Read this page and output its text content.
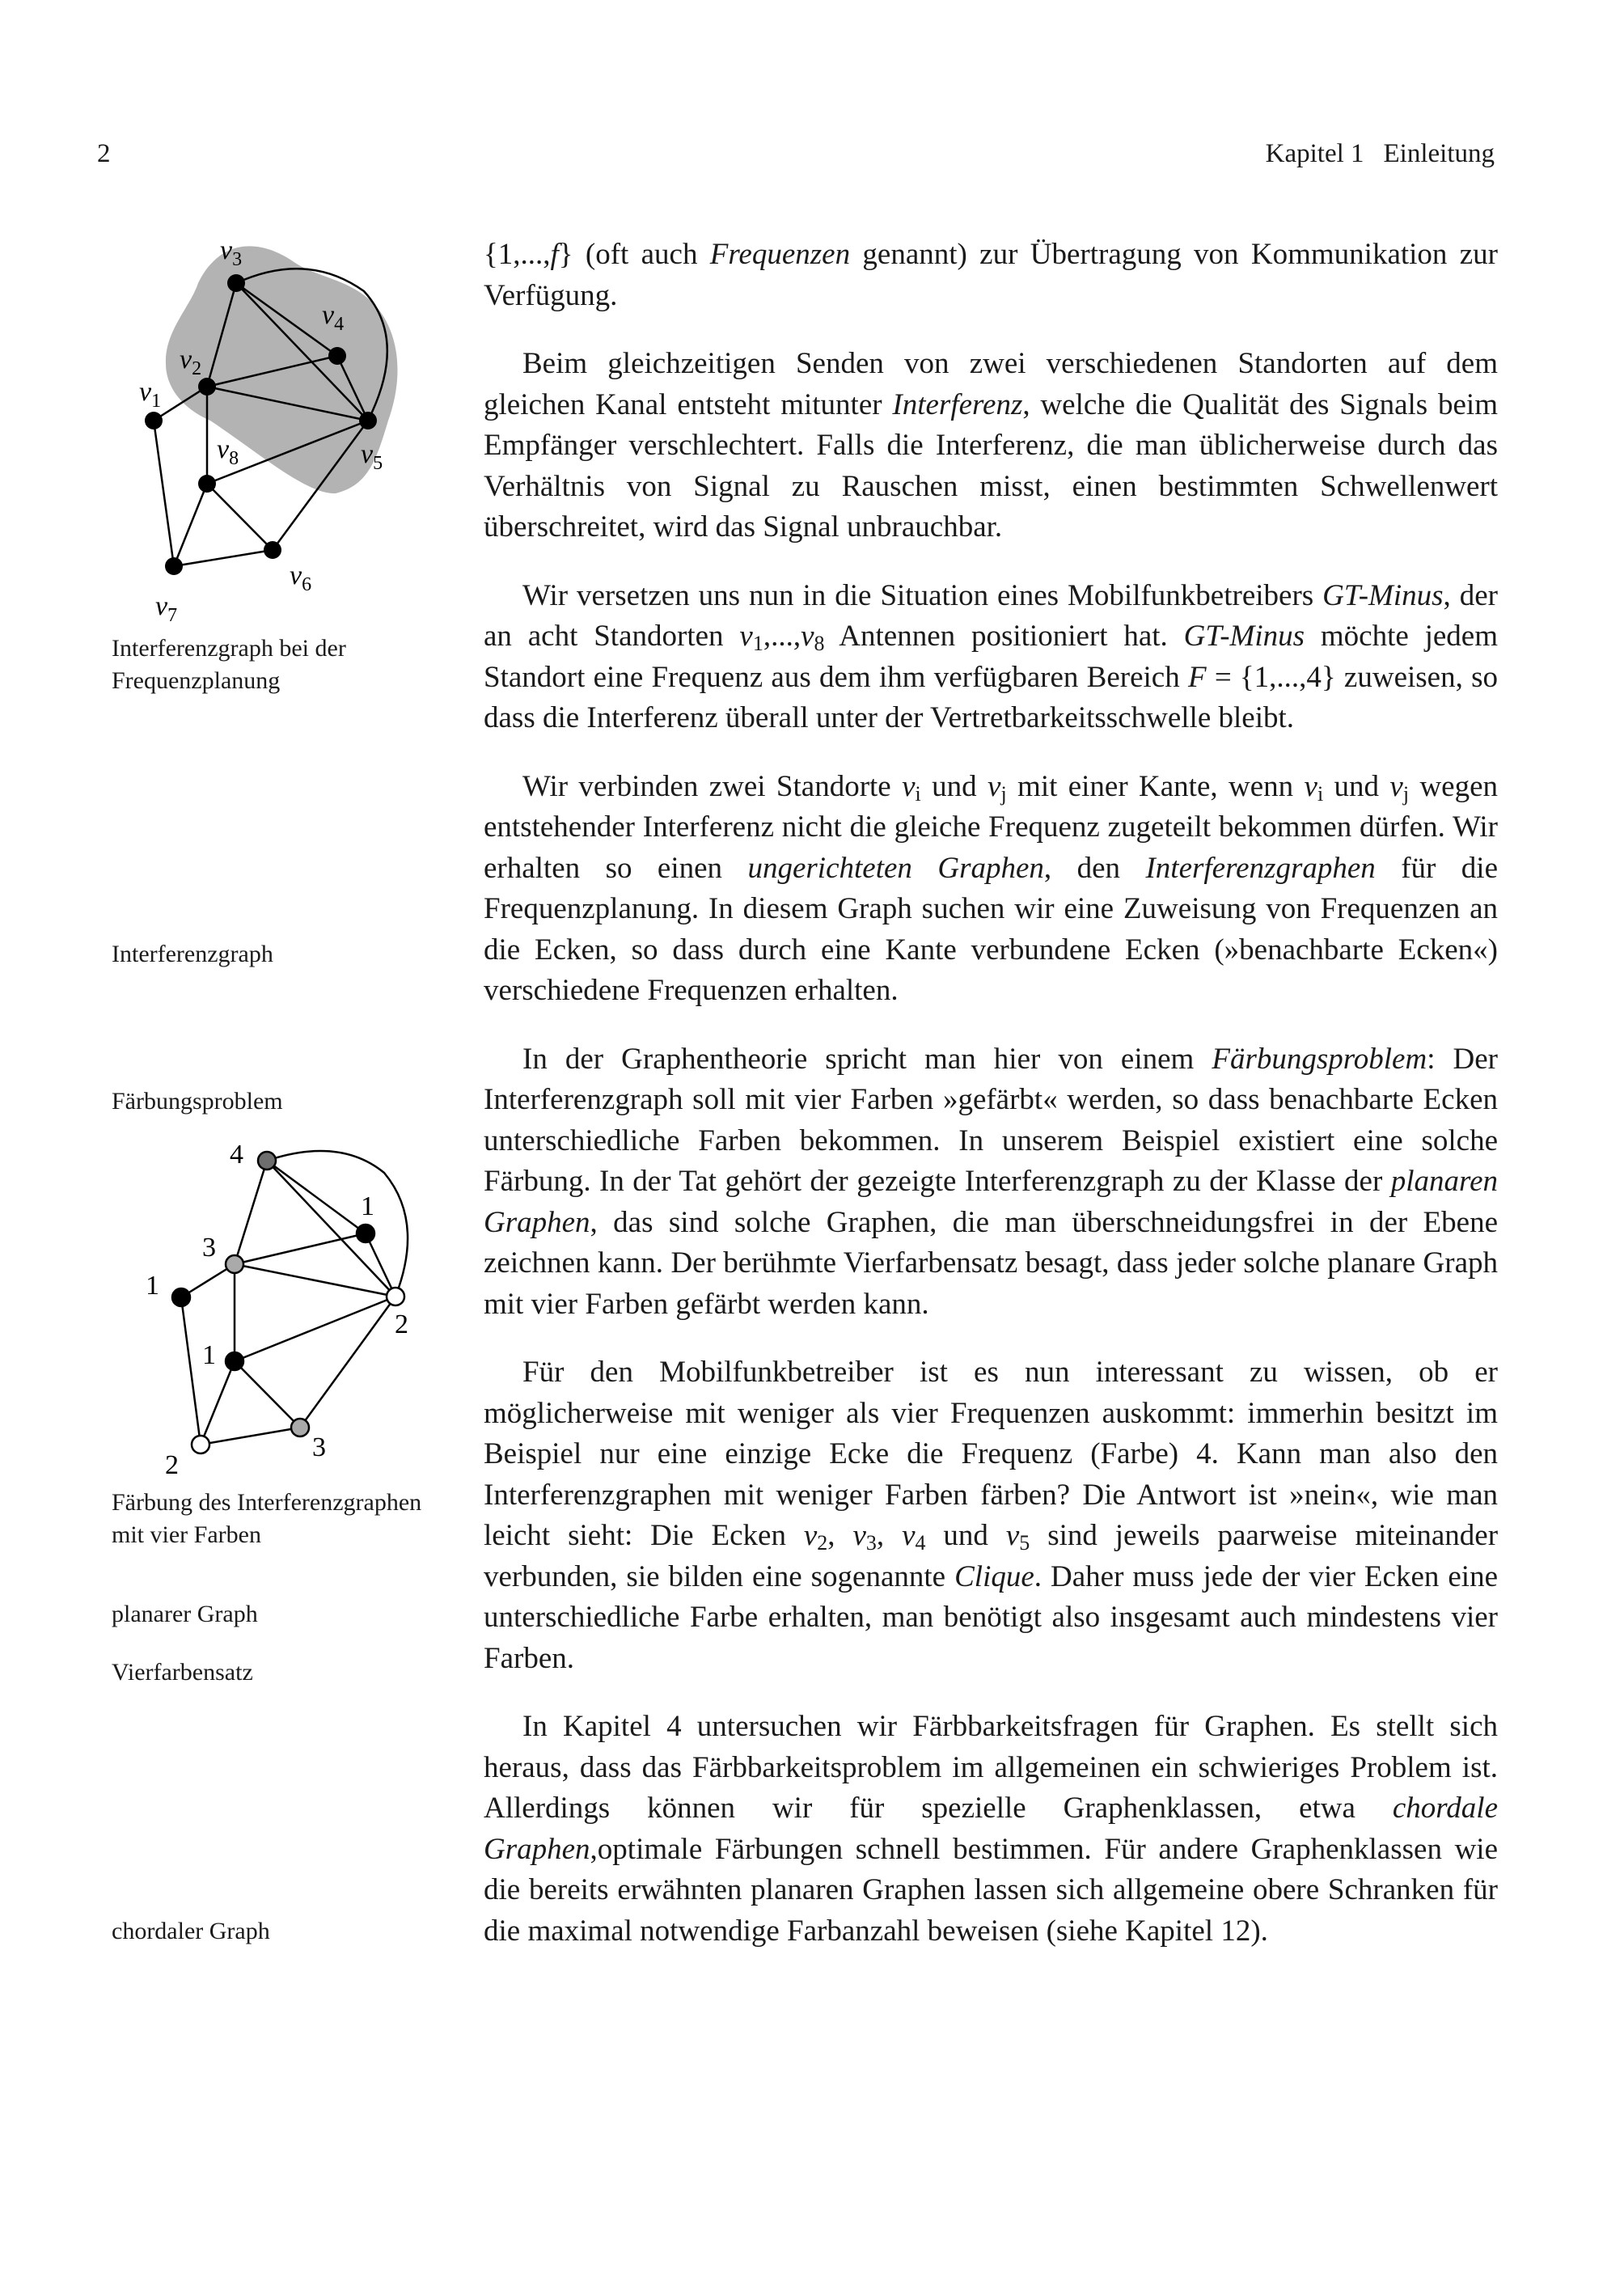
2	Kapitel 1 Einleitung
v1
v2
v3
v4
v5
v6
v7
v8
Interferenzgraph bei der Frequenzplanung
Interferenzgraph
Färbungsproblem
1
3
4
1
2
3
2
1
Färbung des Interferenzgraphen mit vier Farben
planarer Graph
Vierfarbensatz
chordaler Graph

{1,...,f} (oft auch Frequenzen genannt) zur Übertragung von Kommunikation zur Verfügung.

Beim gleichzeitigen Senden von zwei verschiedenen Standorten auf dem gleichen Kanal entsteht mitunter Interferenz, welche die Qualität des Signals beim Empfänger verschlechtert. Falls die Interferenz, die man üblicherweise durch das Verhältnis von Signal zu Rauschen misst, einen bestimmten Schwellenwert überschreitet, wird das Signal unbrauchbar.

Wir versetzen uns nun in die Situation eines Mobilfunkbetreibers GT-Minus, der an acht Standorten $v_1,...,v_8$ Antennen positioniert hat. GT-Minus möchte jedem Standort eine Frequenz aus dem ihm verfügbaren Bereich F = {1,...,4} zuweisen, so dass die Interferenz überall unter der Vertretbarkeitsschwelle bleibt.

Wir verbinden zwei Standorte $v_i$ und $v_j$ mit einer Kante, wenn $v_i$ und $v_j$ wegen entstehender Interferenz nicht die gleiche Frequenz zugeteilt bekommen dürfen. Wir erhalten so einen ungerichteten Graphen, den Interferenzgraphen für die Frequenzplanung. In diesem Graph suchen wir eine Zuweisung von Frequenzen an die Ecken, so dass durch eine Kante verbundene Ecken (»benachbarte Ecken«) verschiedene Frequenzen erhalten.

In der Graphentheorie spricht man hier von einem Färbungsproblem: Der Interferenzgraph soll mit vier Farben »gefärbt« werden, so dass benachbarte Ecken unterschiedliche Farben bekommen. In unserem Beispiel existiert eine solche Färbung. In der Tat gehört der gezeigte Interferenzgraph zu der Klasse der planaren Graphen, das sind solche Graphen, die man überschneidungsfrei in der Ebene zeichnen kann. Der berühmte Vierfarbensatz besagt, dass jeder solche planare Graph mit vier Farben gefärbt werden kann.

Für den Mobilfunkbetreiber ist es nun interessant zu wissen, ob er möglicherweise mit weniger als vier Frequenzen auskommt: immerhin besitzt im Beispiel nur eine einzige Ecke die Frequenz (Farbe) 4. Kann man also den Interferenzgraphen mit weniger Farben färben? Die Antwort ist »nein«, wie man leicht sieht: Die Ecken $v_2$, $v_3$, $v_4$ und $v_5$ sind jeweils paarweise miteinander verbunden, sie bilden eine sogenannte Clique. Daher muss jede der vier Ecken eine unterschiedliche Farbe erhalten, man benötigt also insgesamt auch mindestens vier Farben.

In Kapitel 4 untersuchen wir Färbbarkeitsfragen für Graphen. Es stellt sich heraus, dass das Färbbarkeitsproblem im allgemeinen ein schwieriges Problem ist. Allerdings können wir für spezielle Graphenklassen, etwa chordale Graphen,optimale Färbungen schnell bestimmen. Für andere Graphenklassen wie die bereits erwähnten planaren Graphen lassen sich allgemeine obere Schranken für die maximal notwendige Farbanzahl beweisen (siehe Kapitel 12).
